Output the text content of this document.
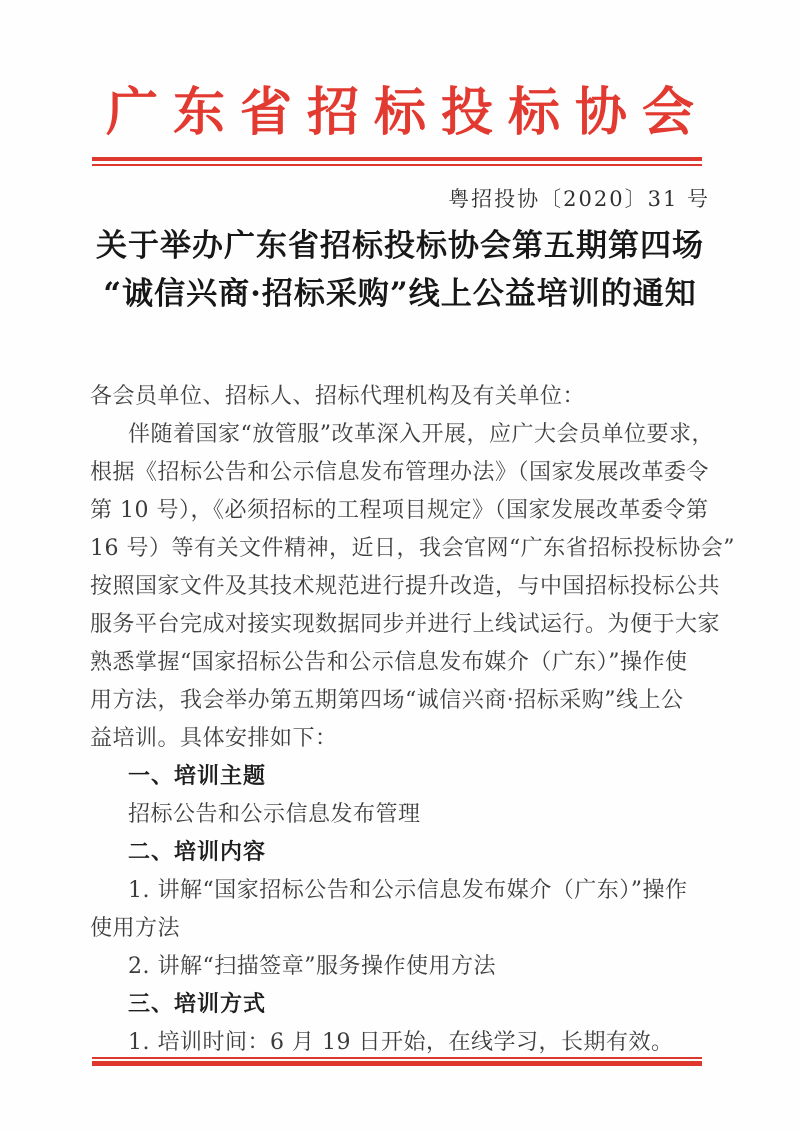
广东省招标投标协会
粤招投协〔2020〕31 号
关于举办广东省招标投标协会第五期第四场
“诚信兴商·招标采购”线上公益培训的通知
各会员单位、招标人、招标代理机构及有关单位：
伴随着国家“放管服”改革深入开展，应广大会员单位要求，
根据《招标公告和公示信息发布管理办法》（国家发展改革委令
第 10 号），《必须招标的工程项目规定》（国家发展改革委令第
16 号）等有关文件精神，近日，我会官网“广东省招标投标协会”
按照国家文件及其技术规范进行提升改造，与中国招标投标公共
服务平台完成对接实现数据同步并进行上线试运行。为便于大家
熟悉掌握“国家招标公告和公示信息发布媒介（广东）”操作使
用方法，我会举办第五期第四场“诚信兴商·招标采购”线上公
益培训。具体安排如下：
一、培训主题
招标公告和公示信息发布管理
二、培训内容
1. 讲解“国家招标公告和公示信息发布媒介（广东）”操作
使用方法
2. 讲解“扫描签章”服务操作使用方法
三、培训方式
1. 培训时间：6 月 19 日开始，在线学习，长期有效。
